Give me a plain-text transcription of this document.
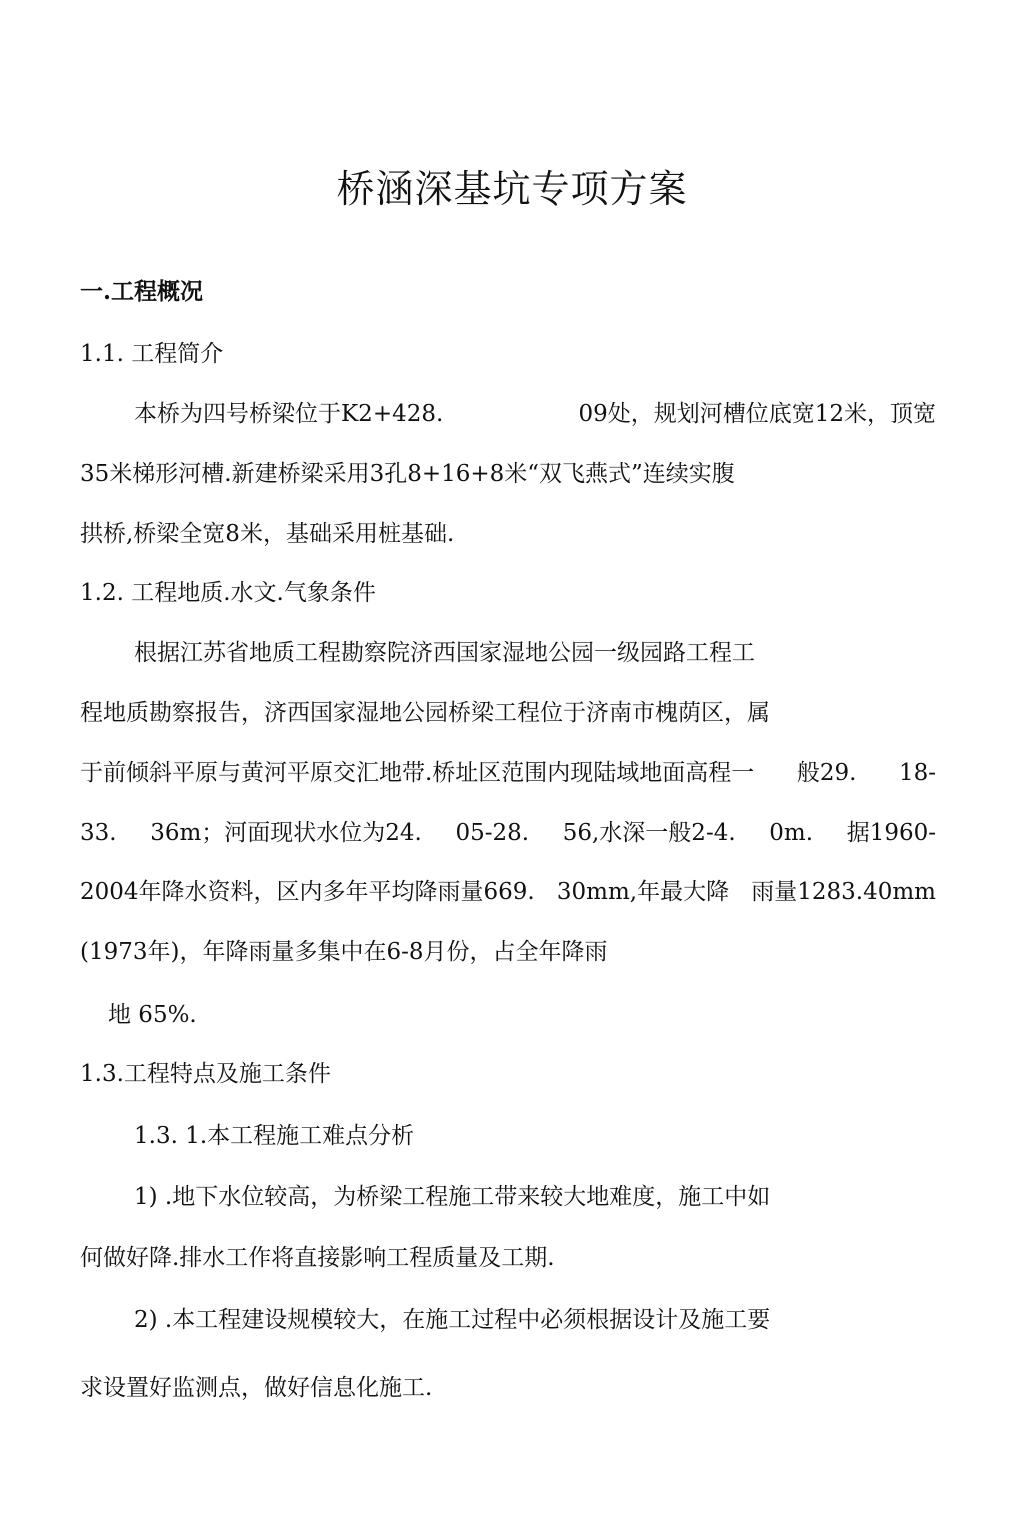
桥涵深基坑专项方案
一.工程概况
1.1. 工程简介
本桥为四号桥梁位于K2+428.	09处，规划河槽位底宽12米，顶宽
35米梯形河槽.新建桥梁采用3孔8+16+8米“双飞燕式”连续实腹
拱桥,桥梁全宽8米，基础采用桩基础.
1.2. 工程地质.水文.气象条件
根据江苏省地质工程勘察院济西国家湿地公园一级园路工程工
程地质勘察报告，济西国家湿地公园桥梁工程位于济南市槐荫区，属
于前倾斜平原与黄河平原交汇地带.桥址区范围内现陆域地面高程一 般29. 18-
33. 36m；河面现状水位为24. 05-28. 56,水深一般2-4. 0m. 据1960-
2004年降水资料，区内多年平均降雨量669. 30mm,年最大降 雨量1283.40mm
(1973年)，年降雨量多集中在6-8月份，占全年降雨
地 65%.
1.3.工程特点及施工条件
1.3. 1.本工程施工难点分析
1) .地下水位较高，为桥梁工程施工带来较大地难度，施工中如
何做好降.排水工作将直接影响工程质量及工期.
2) .本工程建设规模较大，在施工过程中必须根据设计及施工要
求设置好监测点，做好信息化施工.
